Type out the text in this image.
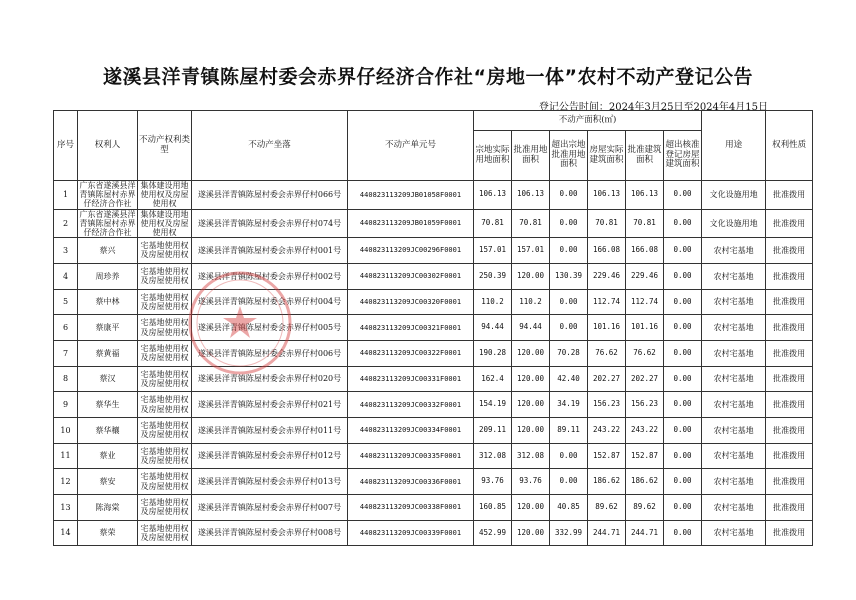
遂溪县洋青镇陈屋村委会赤界仔经济合作社“房地一体”农村不动产登记公告
登记公告时间：2024年3月25日至2024年4月15日
序号	权利人	不动产权利类型	不动产坐落	不动产单元号	不动产面积(㎡)						用途	权利性质
					宗地实际用地面积	批准用地面积	超出宗地批准用地面积	房屋实际建筑面积	批准建筑面积	超出核准登记房屋建筑面积		
1	广东省遂溪县洋青镇陈屋村赤界仔经济合作社	集体建设用地使用权及房屋使用权	遂溪县洋青镇陈屋村委会赤界仔村066号	440823113209JB01058F0001	106.13	106.13	0.00	106.13	106.13	0.00	文化设施用地	批准拨用
2	广东省遂溪县洋青镇陈屋村赤界仔经济合作社	集体建设用地使用权及房屋使用权	遂溪县洋青镇陈屋村委会赤界仔村074号	440823113209JB01059F0001	70.81	70.81	0.00	70.81	70.81	0.00	文化设施用地	批准拨用
3	蔡兴	宅基地使用权及房屋使用权	遂溪县洋青镇陈屋村委会赤界仔村001号	440823113209JC00296F0001	157.01	157.01	0.00	166.08	166.08	0.00	农村宅基地	批准拨用
4	周珍养	宅基地使用权及房屋使用权	遂溪县洋青镇陈屋村委会赤界仔村002号	440823113209JC00302F0001	250.39	120.00	130.39	229.46	229.46	0.00	农村宅基地	批准拨用
5	蔡中林	宅基地使用权及房屋使用权	遂溪县洋青镇陈屋村委会赤界仔村004号	440823113209JC00320F0001	110.2	110.2	0.00	112.74	112.74	0.00	农村宅基地	批准拨用
6	蔡康平	宅基地使用权及房屋使用权	遂溪县洋青镇陈屋村委会赤界仔村005号	440823113209JC00321F0001	94.44	94.44	0.00	101.16	101.16	0.00	农村宅基地	批准拨用
7	蔡黄福	宅基地使用权及房屋使用权	遂溪县洋青镇陈屋村委会赤界仔村006号	440823113209JC00322F0001	190.28	120.00	70.28	76.62	76.62	0.00	农村宅基地	批准拨用
8	蔡汉	宅基地使用权及房屋使用权	遂溪县洋青镇陈屋村委会赤界仔村020号	440823113209JC00331F0001	162.4	120.00	42.40	202.27	202.27	0.00	农村宅基地	批准拨用
9	蔡华生	宅基地使用权及房屋使用权	遂溪县洋青镇陈屋村委会赤界仔村021号	440823113209JC00332F0001	154.19	120.00	34.19	156.23	156.23	0.00	农村宅基地	批准拨用
10	蔡华穰	宅基地使用权及房屋使用权	遂溪县洋青镇陈屋村委会赤界仔村011号	440823113209JC00334F0001	209.11	120.00	89.11	243.22	243.22	0.00	农村宅基地	批准拨用
11	蔡业	宅基地使用权及房屋使用权	遂溪县洋青镇陈屋村委会赤界仔村012号	440823113209JC00335F0001	312.08	312.08	0.00	152.87	152.87	0.00	农村宅基地	批准拨用
12	蔡安	宅基地使用权及房屋使用权	遂溪县洋青镇陈屋村委会赤界仔村013号	440823113209JC00336F0001	93.76	93.76	0.00	186.62	186.62	0.00	农村宅基地	批准拨用
13	陈海棠	宅基地使用权及房屋使用权	遂溪县洋青镇陈屋村委会赤界仔村007号	440823113209JC00338F0001	160.85	120.00	40.85	89.62	89.62	0.00	农村宅基地	批准拨用
14	蔡荣	宅基地使用权及房屋使用权	遂溪县洋青镇陈屋村委会赤界仔村008号	440823113209JC00339F0001	452.99	120.00	332.99	244.71	244.71	0.00	农村宅基地	批准拨用
